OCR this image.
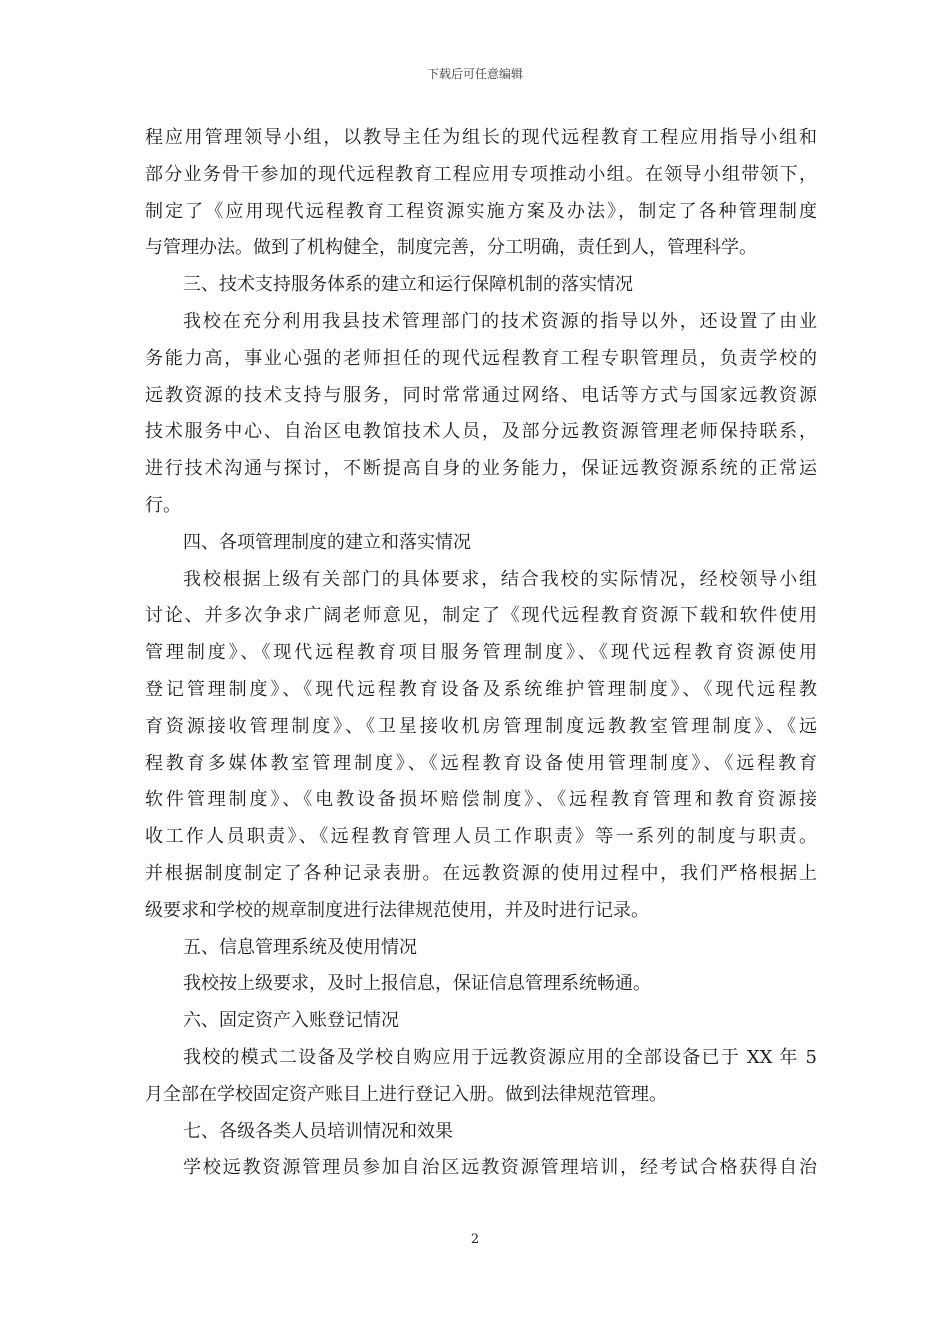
下载后可任意编辑
程应用管理领导小组，以教导主任为组长的现代远程教育工程应用指导小组和
部分业务骨干参加的现代远程教育工程应用专项推动小组。在领导小组带领下，
制定了《应用现代远程教育工程资源实施方案及办法》，制定了各种管理制度
与管理办法。做到了机构健全，制度完善，分工明确，责任到人，管理科学。
三、技术支持服务体系的建立和运行保障机制的落实情况
我校在充分利用我县技术管理部门的技术资源的指导以外，还设置了由业
务能力高，事业心强的老师担任的现代远程教育工程专职管理员，负责学校的
远教资源的技术支持与服务，同时常常通过网络、电话等方式与国家远教资源
技术服务中心、自治区电教馆技术人员，及部分远教资源管理老师保持联系，
进行技术沟通与探讨，不断提高自身的业务能力，保证远教资源系统的正常运
行。
四、各项管理制度的建立和落实情况
我校根据上级有关部门的具体要求，结合我校的实际情况，经校领导小组
讨论、并多次争求广阔老师意见，制定了《现代远程教育资源下载和软件使用
管理制度》、《现代远程教育项目服务管理制度》、《现代远程教育资源使用
登记管理制度》、《现代远程教育设备及系统维护管理制度》、《现代远程教
育资源接收管理制度》、《卫星接收机房管理制度远教教室管理制度》、《远
程教育多媒体教室管理制度》、《远程教育设备使用管理制度》、《远程教育
软件管理制度》、《电教设备损坏赔偿制度》、《远程教育管理和教育资源接
收工作人员职责》、《远程教育管理人员工作职责》等一系列的制度与职责。
并根据制度制定了各种记录表册。在远教资源的使用过程中，我们严格根据上
级要求和学校的规章制度进行法律规范使用，并及时进行记录。
五、信息管理系统及使用情况
我校按上级要求，及时上报信息，保证信息管理系统畅通。
六、固定资产入账登记情况
我校的模式二设备及学校自购应用于远教资源应用的全部设备已于 XX 年 5
月全部在学校固定资产账目上进行登记入册。做到法律规范管理。
七、各级各类人员培训情况和效果
学校远教资源管理员参加自治区远教资源管理培训，经考试合格获得自治
2
